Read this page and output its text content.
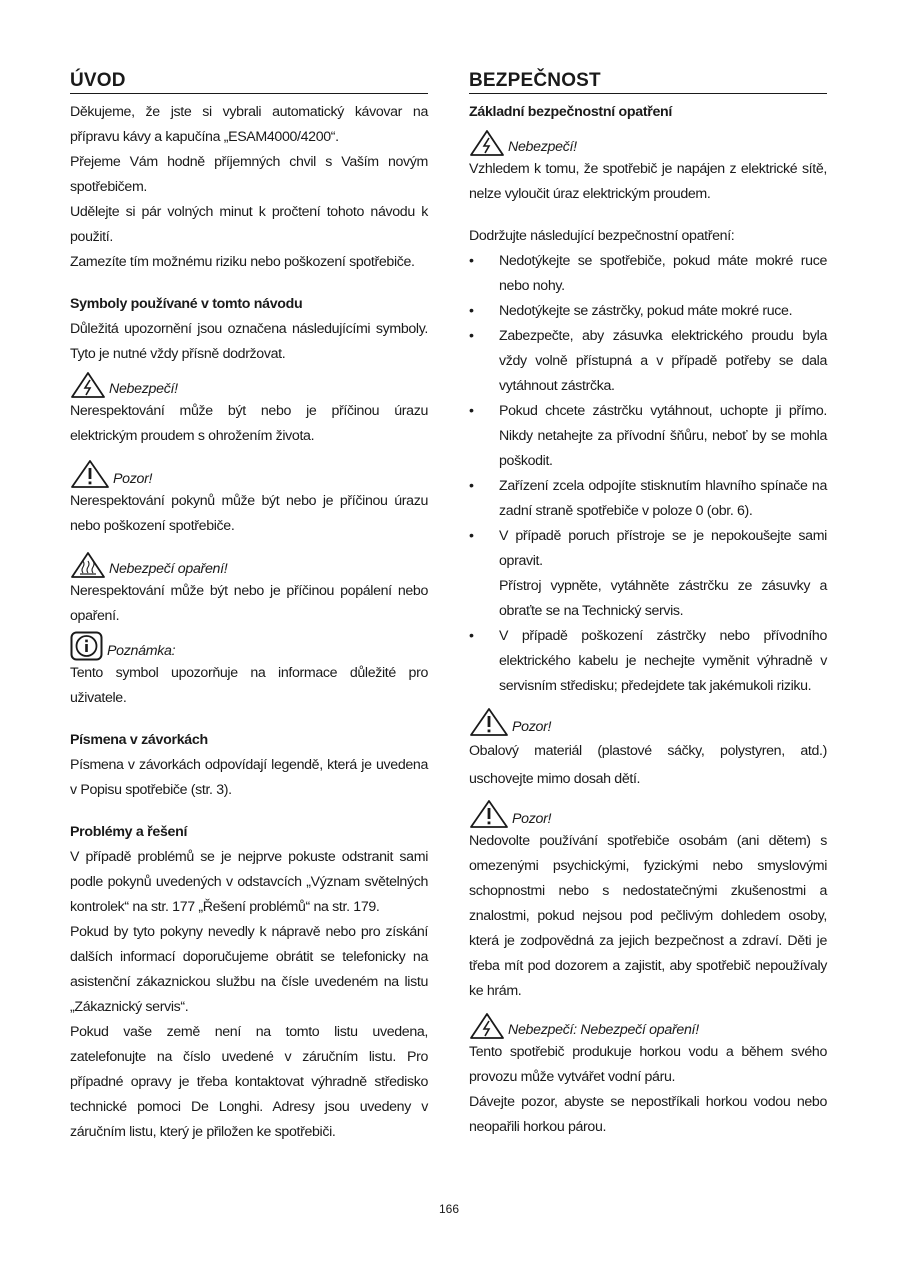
ÚVOD

Děkujeme, že jste si vybrali automatický kávovar na přípravu kávy a kapučína „ESAM4000/4200“.

Přejeme Vám hodně příjemných chvil s Vaším novým spotřebičem.

Udělejte si pár volných minut k pročtení tohoto návodu k použití.

Zamezíte tím možnému riziku nebo poškození spotřebiče.

Symboly používané v tomto návodu

Důležitá upozornění jsou označena následujícími symboly. Tyto je nutné vždy přísně dodržovat.

Nebezpečí!

Nerespektování může být nebo je příčinou úrazu elektrickým proudem s ohrožením života.

Pozor!

Nerespektování pokynů může být nebo je příčinou úrazu nebo poškození spotřebiče.

Nebezpečí opaření!

Nerespektování může být nebo je příčinou popálení nebo opaření.

Poznámka:

Tento symbol upozorňuje na informace důležité pro uživatele.

Písmena v závorkách

Písmena v závorkách odpovídají legendě, která je uvedena v Popisu spotřebiče (str. 3).

Problémy a řešení

V případě problémů se je nejprve pokuste odstranit sami podle pokynů uvedených v odstavcích „Význam světelných kontrolek“ na str. 177 „Řešení problémů“ na str. 179.

Pokud by tyto pokyny nevedly k nápravě nebo pro získání dalších informací doporučujeme obrátit se telefonicky na asistenční zákaznickou službu na čísle uvedeném na listu „Zákaznický servis“.

Pokud vaše země není na tomto listu uvedena, zatelefonujte na číslo uvedené v záručním listu. Pro případné opravy je třeba kontaktovat výhradně středisko technické pomoci De Longhi. Adresy jsou uvedeny v záručním listu, který je přiložen ke spotřebiči.

BEZPEČNOST

Základní bezpečnostní opatření

Nebezpečí!

Vzhledem k tomu, že spotřebič je napájen z elektrické sítě, nelze vyloučit úraz elektrickým proudem.

Dodržujte následující bezpečnostní opatření:

• Nedotýkejte se spotřebiče, pokud máte mokré ruce nebo nohy.
• Nedotýkejte se zástrčky, pokud máte mokré ruce.
• Zabezpečte, aby zásuvka elektrického proudu byla vždy volně přístupná a v případě potřeby se dala vytáhnout zástrčka.
• Pokud chcete zástrčku vytáhnout, uchopte ji přímo. Nikdy netahejte za přívodní šňůru, neboť by se mohla poškodit.
• Zařízení zcela odpojíte stisknutím hlavního spínače na zadní straně spotřebiče v poloze 0 (obr. 6).
• V případě poruch přístroje se je nepokoušejte sami opravit.
Přístroj vypněte, vytáhněte zástrčku ze zásuvky a obraťte se na Technický servis.
• V případě poškození zástrčky nebo přívodního elektrického kabelu je nechejte vyměnit výhradně v servisním středisku; předejdete tak jakémukoli riziku.
Pozor!

Obalový materiál (plastové sáčky, polystyren, atd.) uschovejte mimo dosah dětí.

Pozor!

Nedovolte používání spotřebiče osobám (ani dětem) s omezenými psychickými, fyzickými nebo smyslovými schopnostmi nebo s nedostatečnými zkušenostmi a znalostmi, pokud nejsou pod pečlivým dohledem osoby, která je zodpovědná za jejich bezpečnost a zdraví. Děti je třeba mít pod dozorem a zajistit, aby spotřebič nepoužívaly ke hrám.

Nebezpečí: Nebezpečí opaření!

Tento spotřebič produkuje horkou vodu a během svého provozu může vytvářet vodní páru.

Dávejte pozor, abyste se nepostříkali horkou vodou nebo neopařili horkou párou.

166
